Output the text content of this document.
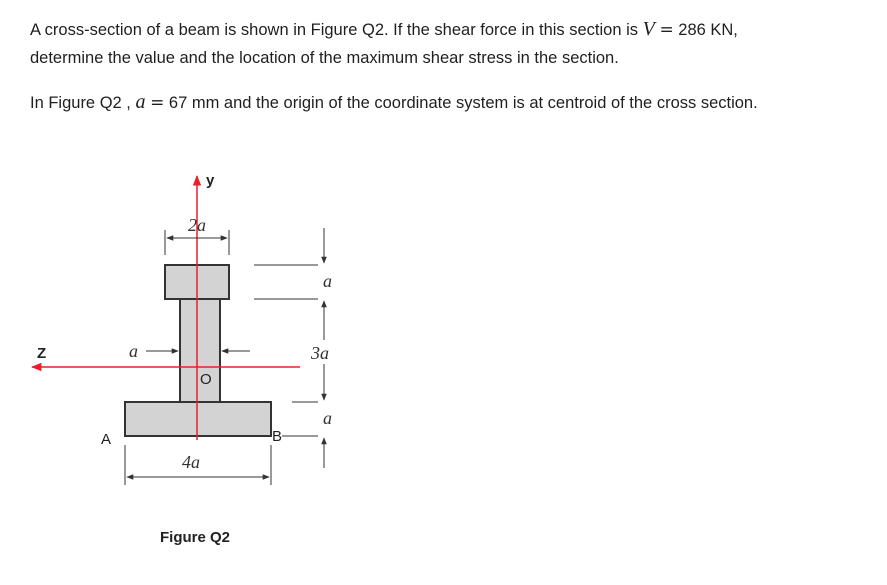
A cross-section of a beam is shown in Figure Q2. If the shear force in this section is V = 286 KN,
determine the value and the location of the maximum shear stress in the section.
In Figure Q2 , a = 67 mm and the origin of the coordinate system is at centroid of the cross section.
y
Z
O
2a
a
4a
A	B
a
3a
a
Figure Q2
